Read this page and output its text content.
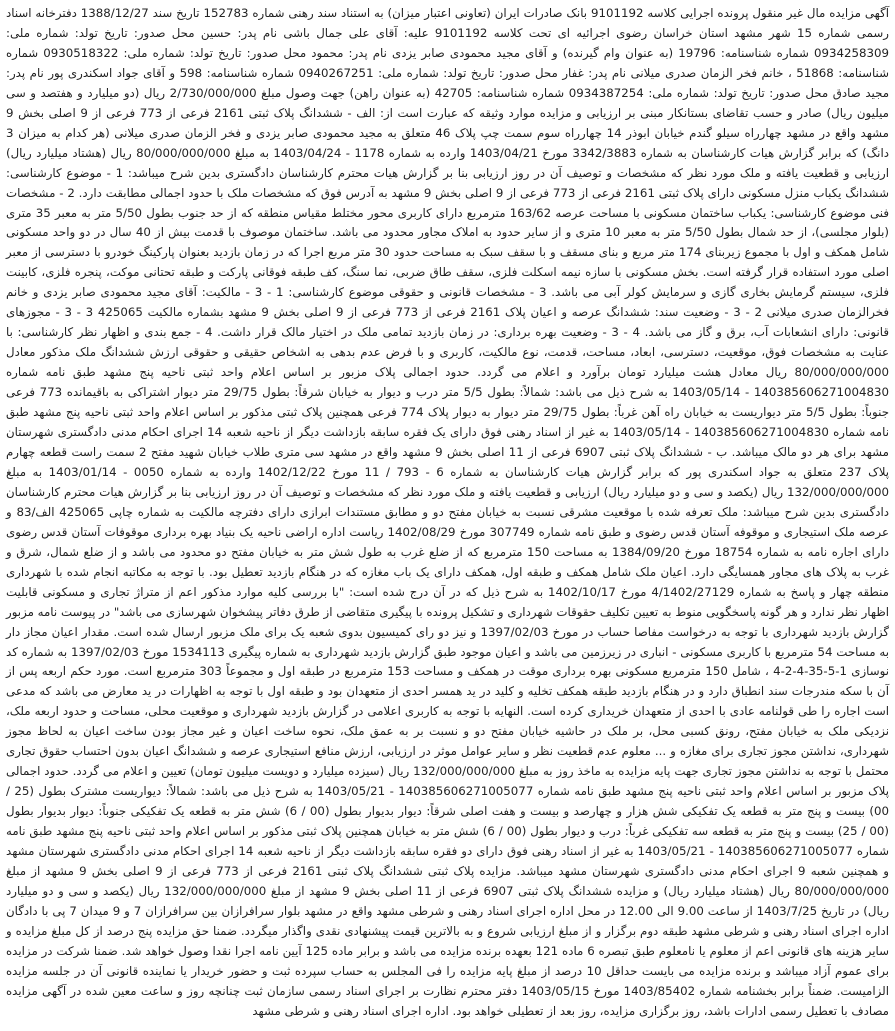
آگهی مزایده مال غیر منقول پرونده اجرایی کلاسه 9101192 بانک صادرات ایران (تعاونی اعتبار میزان) به استناد سند رهنی شماره 152783 تاریخ سند 1388/12/27 دفترخانه اسناد رسمی شماره 15 شهر مشهد استان خراسان رضوی اجرائیه ای تحت کلاسه 9101192 علیه: آقای علی جمال باشی نام پدر: حسین محل صدور: تاریخ تولد: شماره ملی: 0934258309 شماره شناسنامه: 19796 (به عنوان وام گیرنده) و آقای مجید محمودی صابر یزدی نام پدر: محمود محل صدور: تاریخ تولد: شماره ملی: 0930518322 شماره شناسنامه: 51868 ، خانم فخر الزمان صدری میلانی نام پدر: غفار محل صدور: تاریخ تولد: شماره ملی: 0940267251 شماره شناسنامه: 598 و آقای جواد اسکندری پور نام پدر: مجید صادق محل صدور: تاریخ تولد: شماره ملی: 0934387254 شماره شناسنامه: 42705 (به عنوان راهن) جهت وصول مبلغ 2/730/000/000 ریال (دو میلیارد و هفتصد و سی میلیون ریال) صادر و حسب تقاضای بستانکار مبنی بر ارزیابی و مزایده موارد وثیقه که عبارت است از: الف - ششدانگ پلاک ثبتی 2161 فرعی از 773 فرعی از 9 اصلی بخش 9 مشهد واقع در مشهد چهارراه سیلو گندم خیابان ابوذر 14 چهارراه سوم سمت چپ پلاک 46 متعلق به مجید محمودی صابر یزدی و فخر الزمان صدری میلانی (هر کدام به میزان 3 دانگ) که برابر گزارش هیات کارشناسان به شماره 3342/3883 مورخ 1403/04/21 وارده به شماره 1178 - 1403/04/24 به مبلغ 80/000/000/000 ریال (هشتاد میلیارد ریال) ارزیابی و قطعیت یافته و ملک مورد نظر که مشخصات و توصیف آن در روز ارزیابی بنا بر گزارش هیات محترم کارشناسان دادگستری بدین شرح میباشد: 1 - موضوع کارشناسی: ششدانگ یکباب منزل مسکونی دارای پلاک ثبتی 2161 فرعی از 773 فرعی از 9 اصلی بخش 9 مشهد به آدرس فوق که مشخصات ملک با حدود اجمالی مطابقت دارد. 2 - مشخصات فنی موضوع کارشناسی: یکباب ساختمان مسکونی با مساحت عرصه 163/62 مترمربع دارای کاربری محور مختلط مقیاس منطقه که از حد جنوب بطول 5/50 متر به معبر 35 متری (بلوار مجلسی)، از حد شمال بطول 5/50 متر به معبر 10 متری و از سایر حدود به املاک مجاور محدود می باشد. ساختمان موصوف با قدمت بیش از 40 سال در دو واحد مسکونی شامل همکف و اول با مجموع زیربنای 174 متر مربع و بنای مسقف و با سقف سبک به مساحت حدود 30 متر مربع اجرا که در زمان بازدید بعنوان پارکینگ خودرو با دسترسی از معبر اصلی مورد استفاده قرار گرفته است. بخش مسکونی با سازه نیمه اسکلت فلزی، سقف طاق ضربی، نما سنگ، کف طبقه فوقانی پارکت و طبقه تحتانی موکت، پنجره فلزی، کابینت فلزی، سیستم گرمایش بخاری گازی و سرمایش کولر آبی می باشد. 3 - مشخصات قانونی و حقوقی موضوع کارشناسی: 1 - 3 - مالکیت: آقای مجید محمودی صابر یزدی و خانم فخرالزمان صدری میلانی 2 - 3 - وضعیت سند: ششدانگ عرصه و اعیان پلاک 2161 فرعی از 773 فرعی از 9 اصلی بخش 9 مشهد بشماره مالکیت 425065 3 - 3 - مجوزهای قانونی: دارای انشعابات آب، برق و گاز می باشد. 4 - 3 - وضعیت بهره برداری: در زمان بازدید تمامی ملک در اختیار مالک قرار داشت. 4 - جمع بندی و اظهار نظر کارشناسی: با عنایت به مشخصات فوق، موقعیت، دسترسی، ابعاد، مساحت، قدمت، نوع مالکیت، کاربری و با فرض عدم بدهی به اشخاص حقیقی و حقوقی ارزش ششدانگ ملک مذکور معادل 80/000/000/000 ریال معادل هشت میلیارد تومان برآورد و اعلام می گردد. حدود اجمالی پلاک مزبور بر اساس اعلام واحد ثبتی ناحیه پنج مشهد طبق نامه شماره 140385606271004830 - 1403/05/14 به شرح ذیل می باشد: شمالاً: بطول 5/5 متر درب و دیوار به خیابان شرقاً: بطول 29/75 متر دیوار اشتراکی به باقیمانده 773 فرعی جنوباً: بطول 5/5 متر دیواریست به خیابان راه آهن غرباً: بطول 29/75 متر دیوار به دیوار پلاک 774 فرعی همچنین پلاک ثبتی مذکور بر اساس اعلام واحد ثبتی ناحیه پنج مشهد طبق نامه شماره 140385606271004830 - 1403/05/14 به غیر از اسناد رهنی فوق دارای یک فقره سابقه بازداشت دیگر از ناحیه شعبه 14 اجرای احکام مدنی دادگستری شهرستان مشهد برای هر دو مالک میباشد. ب - ششدانگ پلاک ثبتی 6907 فرعی از 11 اصلی بخش 9 مشهد واقع در مشهد سی متری طلاب خیابان شهید مفتح 2 سمت راست قطعه چهارم پلاک 237 متعلق به جواد اسکندری پور که برابر گزارش هیات کارشناسان به شماره 6 - 793 / 11 مورخ 1402/12/22 وارده به شماره 0050 - 1403/01/14 به مبلغ 132/000/000/000 ریال (یکصد و سی و دو میلیارد ریال) ارزیابی و قطعیت یافته و ملک مورد نظر که مشخصات و توصیف آن در روز ارزیابی بنا بر گزارش هیات محترم کارشناسان دادگستری بدین شرح میباشد: ملک تعرفه شده با موقعیت مشرقی نسبت به خیابان مفتح دو و مطابق مستندات ابرازی دارای دفترچه مالکیت به شماره چاپی 425065 الف/83 و عرصه ملک استیجاری و موقوفه آستان قدس رضوی و طبق نامه شماره 307749 مورخ 1402/08/29 ریاست اداره اراضی ناحیه یک بنیاد بهره برداری موقوفات آستان قدس رضوی دارای اجاره نامه به شماره 18754 مورخ 1384/09/20 به مساحت 150 مترمربع که از ضلع غرب به طول شش متر به خیابان مفتح دو محدود می باشد و از ضلع شمال، شرق و غرب به پلاک های مجاور همسایگی دارد. اعیان ملک شامل همکف و طبقه اول، همکف دارای یک باب مغازه که در هنگام بازدید تعطیل بود. با توجه به مکاتبه انجام شده با شهرداری منطقه چهار و پاسخ به شماره 4/1402/27129 مورخ 1402/10/17 به شرح ذیل که در آن درج شده است: "با بررسی کلیه موارد مذکور اعم از متراژ تجاری و مسکونی قابلیت اظهار نظر ندارد و هر گونه پاسخگویی منوط به تعیین تکلیف حقوقات شهرداری و تشکیل پرونده با پیگیری متقاضی از طرق دفاتر پیشخوان شهرسازی می باشد" در پیوست نامه مزبور گزارش بازدید شهرداری با توجه به درخواست مفاصا حساب در مورخ 1397/02/03 و نیز دو رای کمیسیون بدوی شعبه یک برای ملک مزبور ارسال شده است. مقدار اعیان مجاز دار به مساحت 54 مترمربع با کاربری مسکونی - انباری در زیرزمین می باشد و اعیان موجود طبق گزارش بازدید شهرداری به شماره پیگیری 1534113 مورخ 1397/02/03 به شماره کد نوسازی 1-5-35-4-2-4 ، شامل 150 مترمربع مسکونی بهره برداری موقت در همکف و مساحت 153 مترمربع در طبقه اول و مجموعاً 303 مترمربع است. مورد حکم اربعه پس از آن با سکه مندرجات سند انطباق دارد و در هنگام بازدید طبقه همکف تخلیه و کلید در ید همسر احدی از متعهدان بود و طبقه اول با توجه به اظهارات در ید معارض می باشد که مدعی است اجاره را طی قولنامه عادی با احدی از متعهدان خریداری کرده است. النهایه با توجه به کاربری اعلامی در گزارش بازدید شهرداری و موقعیت محلی، مساحت و حدود اربعه ملک، نزدیکی ملک به خیابان مفتح، رونق کسبی محل، بر ملک در حاشیه خیابان مفتح دو و نسبت بر به عمق ملک، نحوه ساخت اعیان و غیر مجاز بودن ساخت اعیان به لحاظ مجوز شهرداری، نداشتن مجوز تجاری برای مغازه و ... معلوم عدم قطعیت نظر و سایر عوامل موثر در ارزیابی، ارزش منافع استیجاری عرصه و ششدانگ اعیان بدون احتساب حقوق تجاری محتمل با توجه به نداشتن مجوز تجاری جهت پایه مزایده به ماخذ روز به مبلغ 132/000/000/000 ریال (سیزده میلیارد و دویست میلیون تومان) تعیین و اعلام می گردد. حدود اجمالی پلاک مزبور بر اساس اعلام واحد ثبتی ناحیه پنج مشهد طبق نامه شماره 140385606271005077 - 1403/05/21 به شرح ذیل می باشد: شمالاً: دیواریست مشترک بطول (25 / 00) بیست و پنج متر به قطعه یک تفکیکی شش هزار و چهارصد و بیست و هفت اصلی شرقاً: دیوار بدیوار بطول (00 / 6) شش متر به قطعه یک تفکیکی جنوباً: دیوار بدیوار بطول (00 / 25) بیست و پنج متر به قطعه سه تفکیکی غرباً: درب و دیوار بطول (00 / 6) شش متر به خیابان همچنین پلاک ثبتی مذکور بر اساس اعلام واحد ثبتی ناحیه پنج مشهد طبق نامه شماره 140385606271005077 - 1403/05/21 به غیر از اسناد رهنی فوق دارای دو فقره سابقه بازداشت دیگر از ناحیه شعبه 14 اجرای احکام مدنی دادگستری شهرستان مشهد و همچنین شعبه 9 اجرای احکام مدنی دادگستری شهرستان مشهد میباشد. مزایده پلاک ثبتی ششدانگ پلاک ثبتی 2161 فرعی از 773 فرعی از 9 اصلی بخش 9 مشهد از مبلغ 80/000/000/000 ریال (هشتاد میلیارد ریال) و مزایده ششدانگ پلاک ثبتی 6907 فرعی از 11 اصلی بخش 9 مشهد از مبلغ 132/000/000/000 ریال (یکصد و سی و دو میلیارد ریال) در تاریخ 1403/7/25 از ساعت 9.00 الی 12.00 در محل اداره اجرای اسناد رهنی و شرطی مشهد واقع در مشهد بلوار سرافرازان بین سرافرازان 7 و 9 میدان 7 پی با دادگان اداره اجرای اسناد رهنی و شرطی مشهد طبقه دوم برگزار و از مبلغ ارزیابی شروع و به بالاترین قیمت پیشنهادی نقدی واگذار میگردد. ضمنا حق مزایده پنج درصد از کل مبلغ مزایده و سایر هزینه های قانونی اعم از معلوم یا نامعلوم طبق تبصره 6 ماده 121 بعهده برنده مزایده می باشد و برابر ماده 125 آیین نامه اجرا نقدا وصول خواهد شد. ضمنا شرکت در مزایده برای عموم آزاد میباشد و برنده مزایده می بایست حداقل 10 درصد از مبلغ پایه مزایده را فی المجلس به حساب سپرده ثبت و حضور خریدار یا نماینده قانونی آن در جلسه مزایده الزامیست. ضمناً برابر بخشنامه شماره 1403/85402 مورخ 1403/05/15 دفتر محترم نظارت بر اجرای اسناد رسمی سازمان ثبت چنانچه روز و ساعت معین شده در آگهی مزایده مصادف با تعطیل رسمی ادارات باشد، روز برگزاری مزایده، روز بعد از تعطیلی خواهد بود. اداره اجرای اسناد رهنی و شرطی مشهد
